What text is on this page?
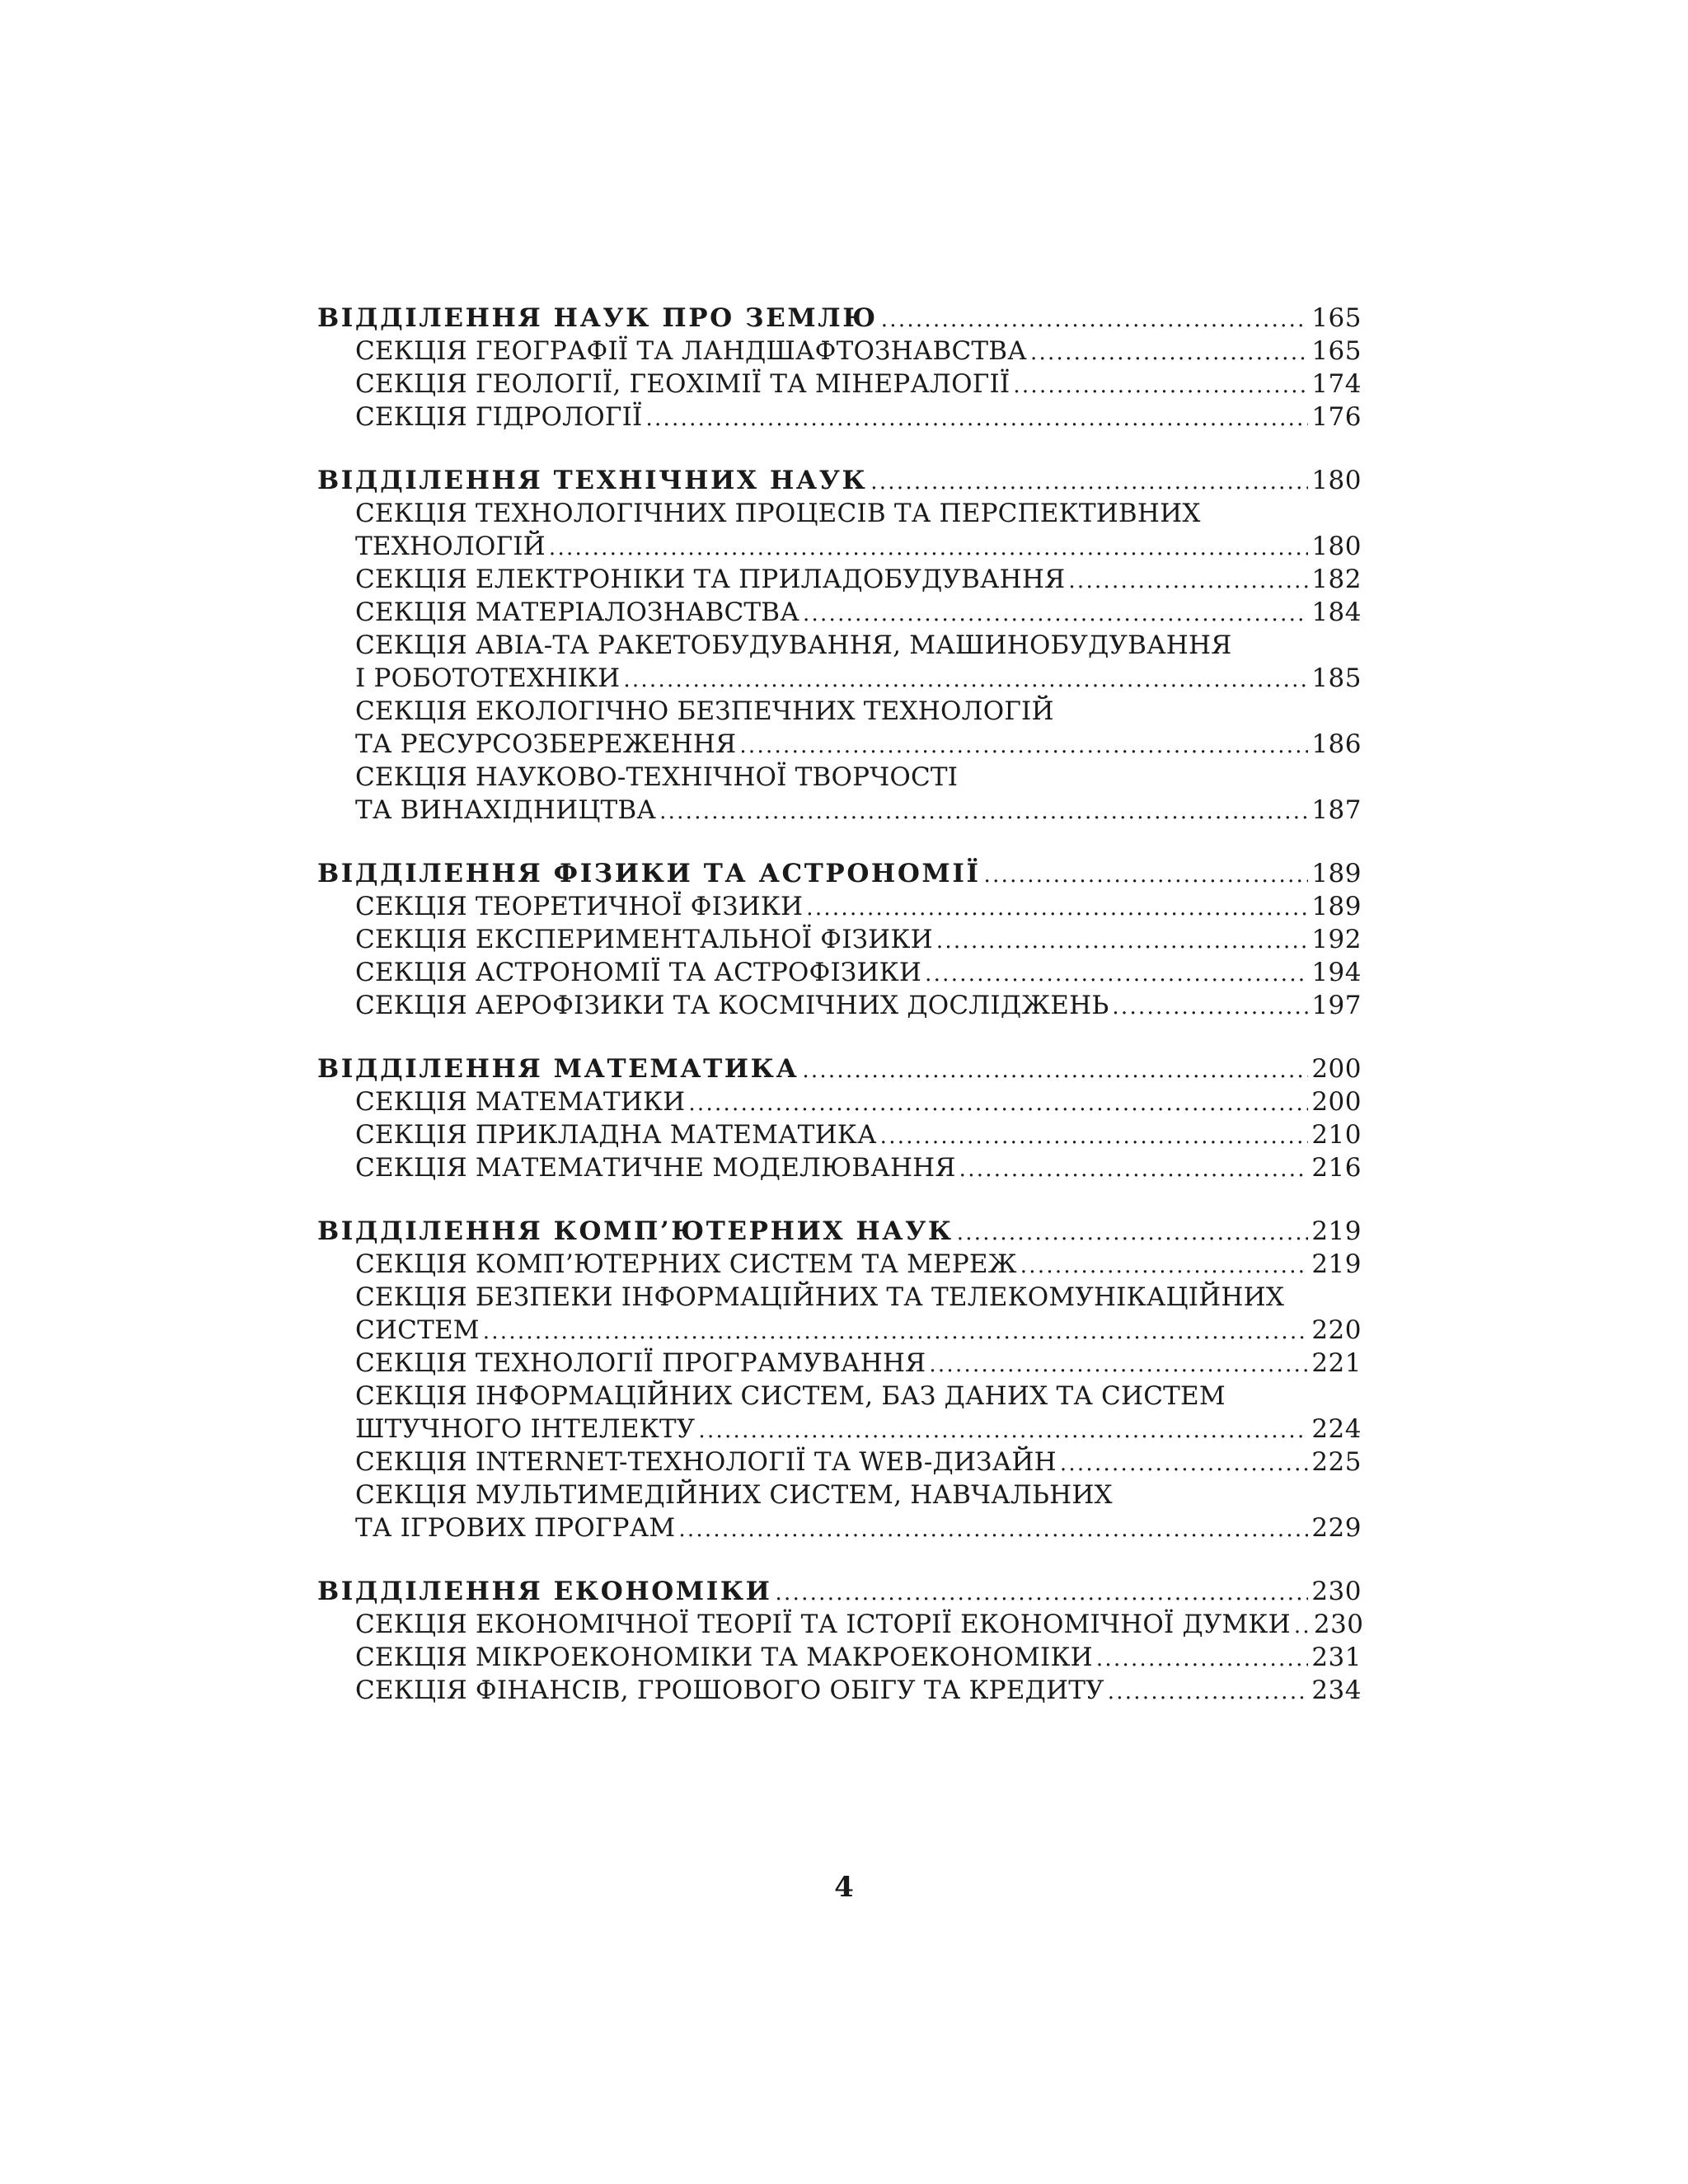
ВІДДІЛЕННЯ НАУК ПРО ЗЕМЛЮ . . .	165
СЕКЦІЯ ГЕОГРАФІЇ ТА ЛАНДШАФТОЗНАВСТВА . . .	165
СЕКЦІЯ ГЕОЛОГІЇ, ГЕОХІМІЇ ТА МІНЕРАЛОГІЇ . . .	174
СЕКЦІЯ ГІДРОЛОГІЇ . . .	176
ВІДДІЛЕННЯ ТЕХНІЧНИХ НАУК . . .	180
СЕКЦІЯ ТЕХНОЛОГІЧНИХ ПРОЦЕСІВ ТА ПЕРСПЕКТИВНИХ
ТЕХНОЛОГІЙ . . .	180
СЕКЦІЯ ЕЛЕКТРОНІКИ ТА ПРИЛАДОБУДУВАННЯ . . .	182
СЕКЦІЯ МАТЕРІАЛОЗНАВСТВА . . .	184
СЕКЦІЯ АВІА-ТА РАКЕТОБУДУВАННЯ, МАШИНОБУДУВАННЯ
І РОБОТОТЕХНІКИ . . .	185
СЕКЦІЯ ЕКОЛОГІЧНО БЕЗПЕЧНИХ ТЕХНОЛОГІЙ
ТА РЕСУРСОЗБЕРЕЖЕННЯ . . .	186
СЕКЦІЯ НАУКОВО-ТЕХНІЧНОЇ ТВОРЧОСТІ
ТА ВИНАХІДНИЦТВА . . .	187
ВІДДІЛЕННЯ ФІЗИКИ ТА АСТРОНОМІЇ . . .	189
СЕКЦІЯ ТЕОРЕТИЧНОЇ ФІЗИКИ . . .	189
СЕКЦІЯ ЕКСПЕРИМЕНТАЛЬНОЇ ФІЗИКИ . . .	192
СЕКЦІЯ АСТРОНОМІЇ ТА АСТРОФІЗИКИ . . .	194
СЕКЦІЯ АЕРОФІЗИКИ ТА КОСМІЧНИХ ДОСЛІДЖЕНЬ . . .	197
ВІДДІЛЕННЯ МАТЕМАТИКА . . .	200
СЕКЦІЯ МАТЕМАТИКИ . . .	200
СЕКЦІЯ ПРИКЛАДНА МАТЕМАТИКА . . .	210
СЕКЦІЯ МАТЕМАТИЧНЕ МОДЕЛЮВАННЯ . . .	216
ВІДДІЛЕННЯ КОМП’ЮТЕРНИХ НАУК . . .	219
СЕКЦІЯ КОМП’ЮТЕРНИХ СИСТЕМ ТА МЕРЕЖ . . .	219
СЕКЦІЯ БЕЗПЕКИ ІНФОРМАЦІЙНИХ ТА ТЕЛЕКОМУНІКАЦІЙНИХ
СИСТЕМ . . .	220
СЕКЦІЯ ТЕХНОЛОГІЇ ПРОГРАМУВАННЯ . . .	221
СЕКЦІЯ ІНФОРМАЦІЙНИХ СИСТЕМ, БАЗ ДАНИХ ТА СИСТЕМ
ШТУЧНОГО ІНТЕЛЕКТУ . . .	224
СЕКЦІЯ INTERNET-ТЕХНОЛОГІЇ ТА WEB-ДИЗАЙН . . .	225
СЕКЦІЯ МУЛЬТИМЕДІЙНИХ СИСТЕМ, НАВЧАЛЬНИХ
ТА ІГРОВИХ ПРОГРАМ . . .	229
ВІДДІЛЕННЯ ЕКОНОМІКИ . . .	230
СЕКЦІЯ ЕКОНОМІЧНОЇ ТЕОРІЇ ТА ІСТОРІЇ ЕКОНОМІЧНОЇ ДУМКИ . . . 230
СЕКЦІЯ МІКРОЕКОНОМІКИ ТА МАКРОЕКОНОМІКИ . . .	231
СЕКЦІЯ ФІНАНСІВ, ГРОШОВОГО ОБІГУ ТА КРЕДИТУ . . .	234
4
